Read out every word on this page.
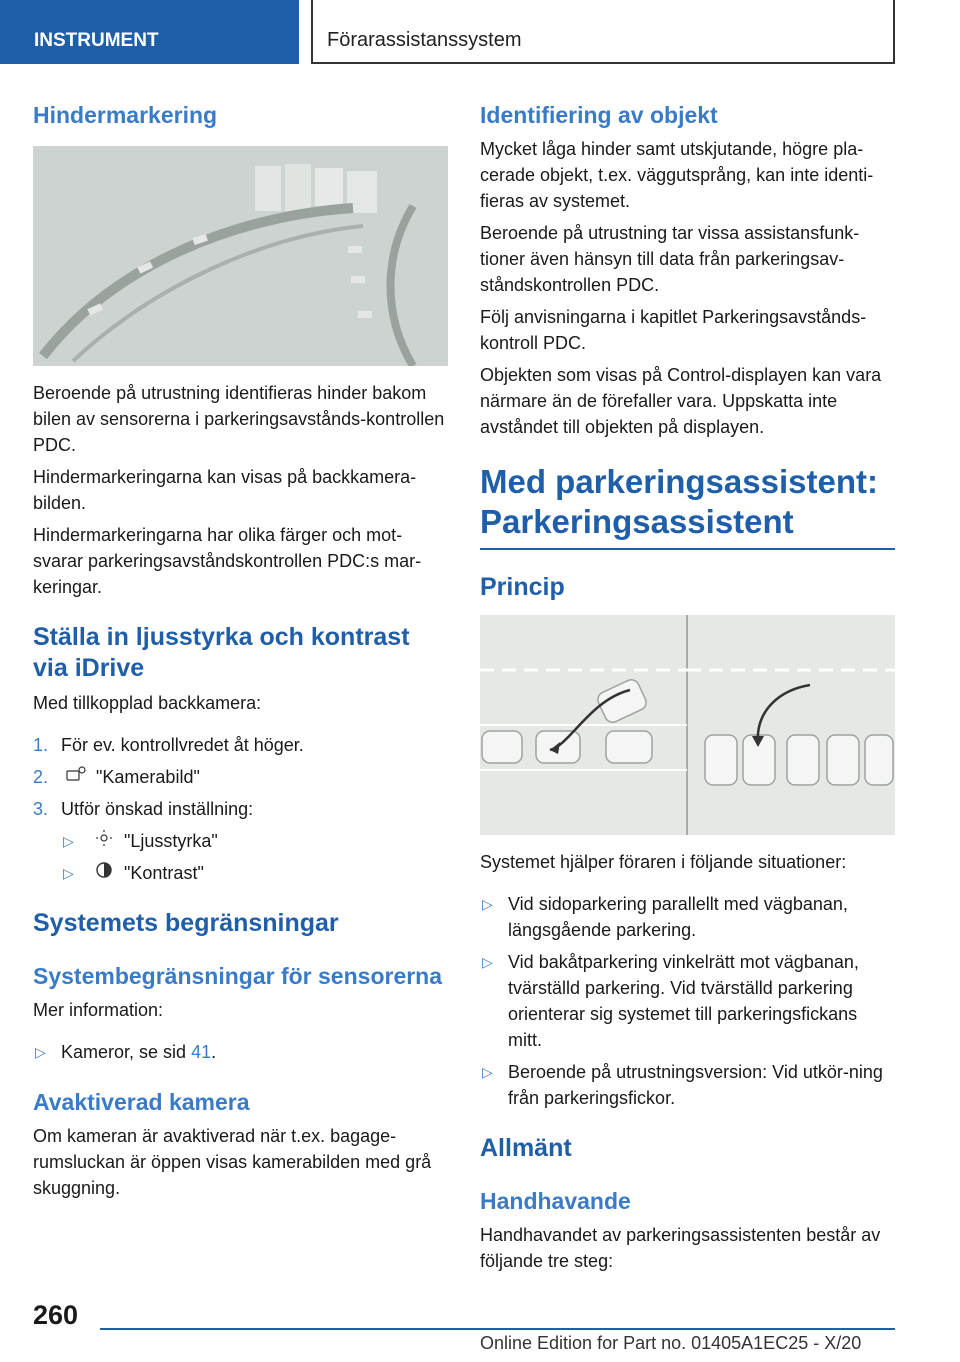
INSTRUMENT	Förarassistanssystem
Hindermarkering

Beroende på utrustning identifieras hinder bakom bilen av sensorerna i parkeringsavstånds-kontrollen PDC.

Hindermarkeringarna kan visas på backkamera-bilden.

Hindermarkeringarna har olika färger och mot-svarar parkeringsavståndskontrollen PDC:s mar-keringar.

Ställa in ljusstyrka och kontrast via iDrive

Med tillkopplad backkamera:

1. För ev. kontrollvredet åt höger.
2.	"Kamerabild"
3. Utför önskad inställning:
▷	"Ljusstyrka"
▷	"Kontrast"
Systemets begränsningar
Systembegränsningar för sensorerna

Mer information:

▷ Kameror, se sid 41.
Avaktiverad kamera

Om kameran är avaktiverad när t.ex. bagage-rumsluckan är öppen visas kamerabilden med grå skuggning.

Identifiering av objekt

Mycket låga hinder samt utskjutande, högre pla-cerade objekt, t.ex. väggutsprång, kan inte identi-fieras av systemet.

Beroende på utrustning tar vissa assistansfunk-tioner även hänsyn till data från parkeringsav-ståndskontrollen PDC.

Följ anvisningarna i kapitlet Parkeringsavstånds-kontroll PDC.

Objekten som visas på Control-displayen kan vara närmare än de förefaller vara. Uppskatta inte avståndet till objekten på displayen.

Med parkeringsassistent: Parkeringsassistent
Princip

Systemet hjälper föraren i följande situationer:

▷ Vid sidoparkering parallellt med vägbanan, längsgående parkering.
▷ Vid bakåtparkering vinkelrätt mot vägbanan, tvärställd parkering. Vid tvärställd parkering orienterar sig systemet till parkeringsfickans mitt.
▷ Beroende på utrustningsversion: Vid utkör-ning från parkeringsfickor.
Allmänt
Handhavande

Handhavandet av parkeringsassistenten består av följande tre steg:

260
Online Edition for Part no. 01405A1EC25 - X/20
